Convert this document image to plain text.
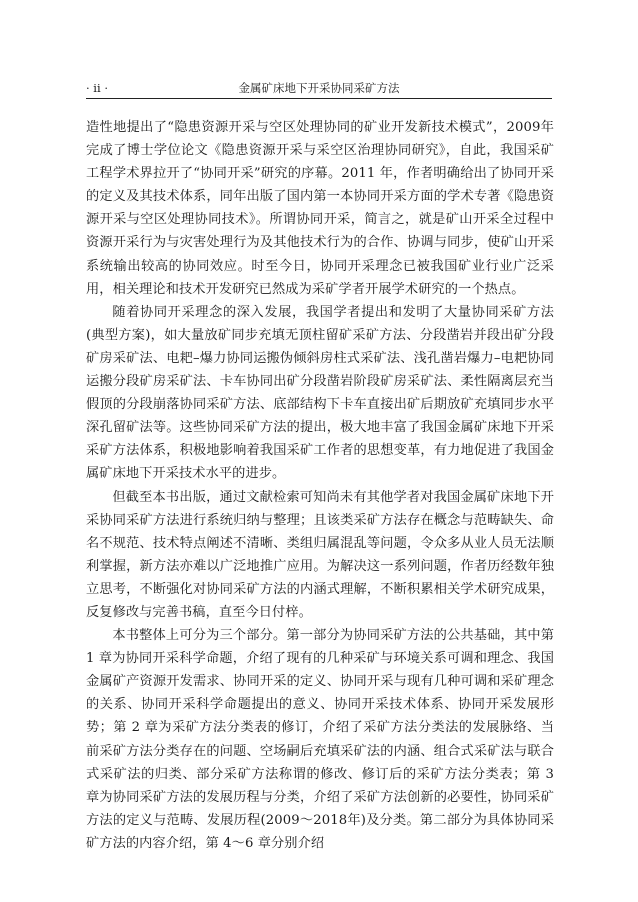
· ii ·	金属矿床地下开采协同采矿方法

造性地提出了“隐患资源开采与空区处理协同的矿业开发新技术模式”，2009年完成了博士学位论文《隐患资源开采与采空区治理协同研究》，自此，我国采矿工程学术界拉开了“协同开采”研究的序幕。2011 年，作者明确给出了协同开采的定义及其技术体系，同年出版了国内第一本协同开采方面的学术专著《隐患资源开采与空区处理协同技术》。所谓协同开采，简言之，就是矿山开采全过程中资源开采行为与灾害处理行为及其他技术行为的合作、协调与同步，使矿山开采系统输出较高的协同效应。时至今日，协同开采理念已被我国矿业行业广泛采用，相关理论和技术开发研究已然成为采矿学者开展学术研究的一个热点。

随着协同开采理念的深入发展，我国学者提出和发明了大量协同采矿方法(典型方案)，如大量放矿同步充填无顶柱留矿采矿方法、分段凿岩并段出矿分段矿房采矿法、电耙–爆力协同运搬伪倾斜房柱式采矿法、浅孔凿岩爆力–电耙协同运搬分段矿房采矿法、卡车协同出矿分段凿岩阶段矿房采矿法、柔性隔离层充当假顶的分段崩落协同采矿方法、底部结构下卡车直接出矿后期放矿充填同步水平深孔留矿法等。这些协同采矿方法的提出，极大地丰富了我国金属矿床地下开采采矿方法体系，积极地影响着我国采矿工作者的思想变革，有力地促进了我国金属矿床地下开采技术水平的进步。

但截至本书出版，通过文献检索可知尚未有其他学者对我国金属矿床地下开采协同采矿方法进行系统归纳与整理；且该类采矿方法存在概念与范畴缺失、命名不规范、技术特点阐述不清晰、类组归属混乱等问题，令众多从业人员无法顺利掌握，新方法亦难以广泛地推广应用。为解决这一系列问题，作者历经数年独立思考，不断强化对协同采矿方法的内涵式理解，不断积累相关学术研究成果，反复修改与完善书稿，直至今日付梓。

本书整体上可分为三个部分。第一部分为协同采矿方法的公共基础，其中第 1 章为协同开采科学命题，介绍了现有的几种采矿与环境关系可调和理念、我国金属矿产资源开发需求、协同开采的定义、协同开采与现有几种可调和采矿理念的关系、协同开采科学命题提出的意义、协同开采技术体系、协同开采发展形势；第 2 章为采矿方法分类表的修订，介绍了采矿方法分类法的发展脉络、当前采矿方法分类存在的问题、空场嗣后充填采矿法的内涵、组合式采矿法与联合式采矿法的归类、部分采矿方法称谓的修改、修订后的采矿方法分类表；第 3 章为协同采矿方法的发展历程与分类，介绍了采矿方法创新的必要性，协同采矿方法的定义与范畴、发展历程(2009～2018年)及分类。第二部分为具体协同采矿方法的内容介绍，第 4～6 章分别介绍
